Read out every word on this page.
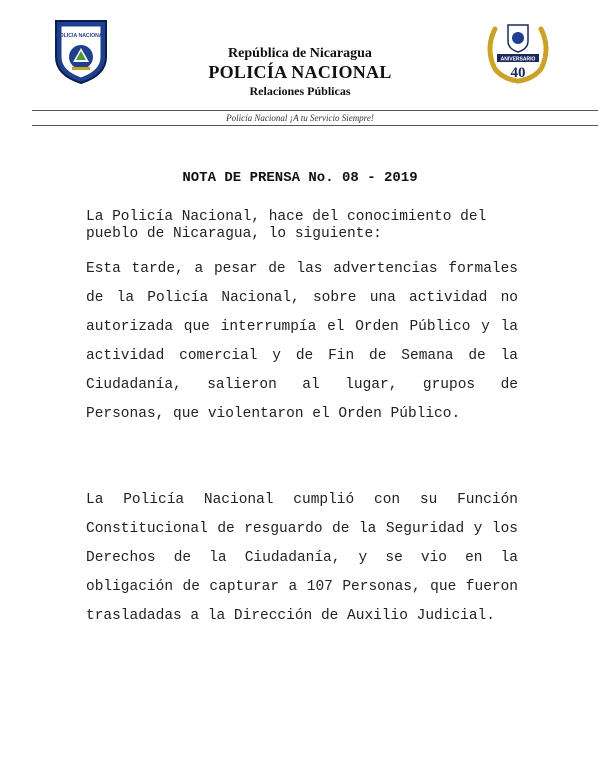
POLICIA NACIONAL
ANIVERSARIO
40
República de Nicaragua
POLICÍA NACIONAL
Relaciones Públicas
Policía Nacional ¡A tu Servicio Siempre!
NOTA DE PRENSA No. 08 - 2019
La Policía Nacional, hace del conocimiento del pueblo de Nicaragua, lo siguiente:
Esta tarde, a pesar de las advertencias formales de la Policía Nacional, sobre una actividad no autorizada que interrumpía el Orden Público y la actividad comercial y de Fin de Semana de la Ciudadanía, salieron al lugar, grupos de Personas, que violentaron el Orden Público.
La Policía Nacional cumplió con su Función Constitucional de resguardo de la Seguridad y los Derechos de la Ciudadanía, y se vio en la obligación de capturar a 107 Personas, que fueron trasladadas a la Dirección de Auxilio Judicial.
